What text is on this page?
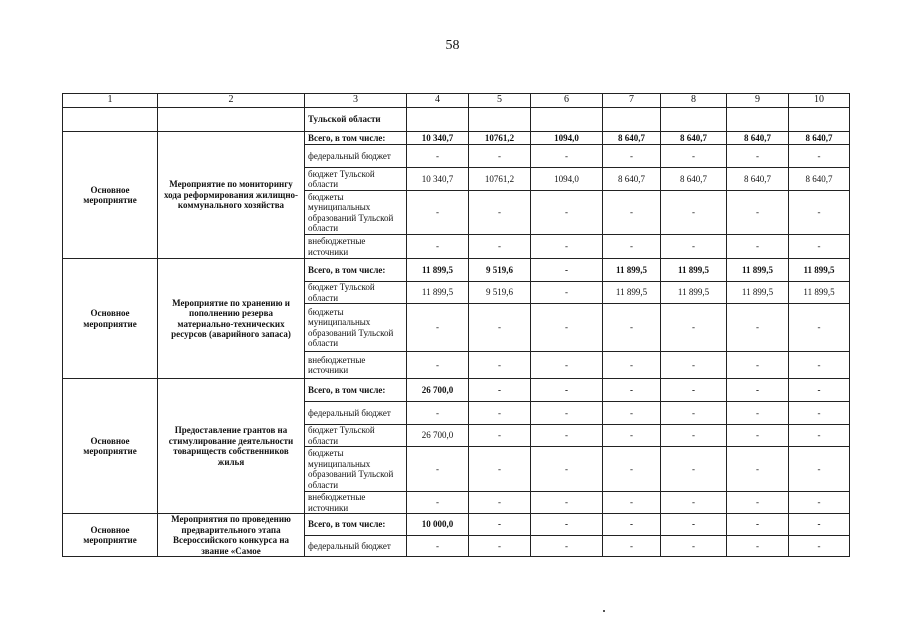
58
1	2	3	4	5	6	7	8	9	10
		Тульской области							
Основное мероприятие	Мероприятие по мониторингу хода реформирования жилищно-коммунального хозяйства	Всего, в том числе:	10 340,7	10761,2	1094,0	8 640,7	8 640,7	8 640,7	8 640,7
		федеральный бюджет	-	-	-	-	-	-	-
		бюджет Тульской области	10 340,7	10761,2	1094,0	8 640,7	8 640,7	8 640,7	8 640,7
		бюджеты муниципальных образований Тульской области	-	-	-	-	-	-	-
		внебюджетные источники	-	-	-	-	-	-	-
Основное мероприятие	Мероприятие по хранению и пополнению резерва материально-технических ресурсов (аварийного запаса)	Всего, в том числе:	11 899,5	9 519,6	-	11 899,5	11 899,5	11 899,5	11 899,5
		бюджет Тульской области	11 899,5	9 519,6	-	11 899,5	11 899,5	11 899,5	11 899,5
		бюджеты муниципальных образований Тульской области	-	-	-	-	-	-	-
		внебюджетные источники	-	-	-	-	-	-	-
Основное мероприятие	Предоставление грантов на стимулирование деятельности товариществ собственников жилья	Всего, в том числе:	26 700,0	-	-	-	-	-	-
		федеральный бюджет	-	-	-	-	-	-	-
		бюджет Тульской области	26 700,0	-	-	-	-	-	-
		бюджеты муниципальных образований Тульской области	-	-	-	-	-	-	-
		внебюджетные источники	-	-	-	-	-	-	-
Основное мероприятие	Мероприятия по проведению предварительного этапа Всероссийского конкурса на звание «Самое	Всего, в том числе:	10 000,0	-	-	-	-	-	-
		федеральный бюджет	-	-	-	-	-	-	-
